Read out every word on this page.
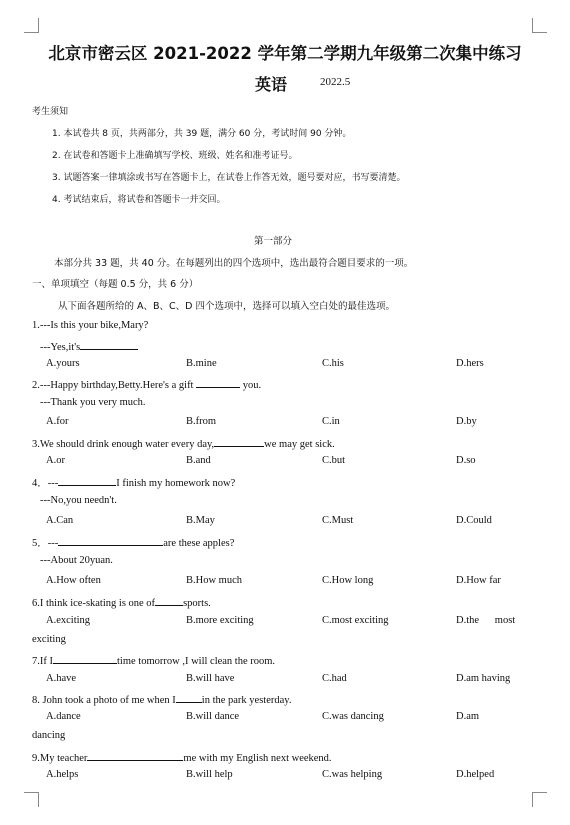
北京市密云区 2021-2022 学年第二学期九年级第二次集中练习
英语	2022.5
考生须知
1. 本试卷共 8 页，共两部分，共 39 题，满分 60 分，考试时间 90 分钟。
2. 在试卷和答题卡上准确填写学校、班级、姓名和准考证号。
3. 试题答案一律填涂或书写在答题卡上，在试卷上作答无效，题号要对应，书写要清楚。
4. 考试结束后，将试卷和答题卡一并交回。
第一部分
本部分共 33 题，共 40 分。在每题列出的四个选项中，选出最符合题目要求的一项。
一、单项填空（每题 0.5 分，共 6 分）
从下面各题所给的 A、B、C、D 四个选项中，选择可以填入空白处的最佳选项。
1.---Is this your bike,Mary?
---Yes,it's
A.yours	B.mine	C.his	D.hers
2.---Happy birthday,Betty.Here's a gift	you.
---Thank you very much.
A.for	B.from	C.in	D.by
3.We should drink enough water every day,	we may get sick.
A.or	B.and	C.but	D.so
4．---	I finish my homework now?
---No,you needn't.
A.Can	B.May	C.Must	D.Could
5．---	are these apples?
---About 20yuan.
A.How often	B.How much	C.How long	D.How far
6.I think ice-skating is one of	sports.
A.exciting	B.more exciting	C.most exciting	D.the      most
exciting
7.If I	time tomorrow ,I will clean the room.
A.have	B.will have	C.had	D.am having
8. John took a photo of me when I in the park yesterday.
A.dance	B.will dance	C.was dancing	D.am
dancing
9.My teacher	me with my English next weekend.
A.helps	B.will help	C.was helping	D.helped
